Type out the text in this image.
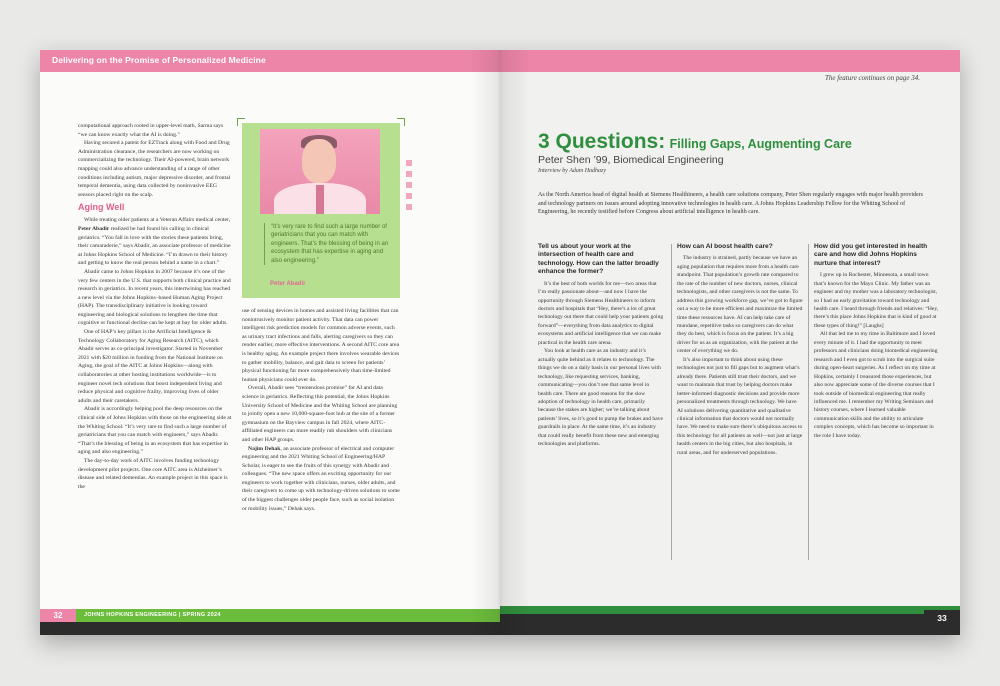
Delivering on the Promise of Personalized Medicine

computational approach rooted in upper-level math, Sarma says “we can know exactly what the AI is doing.”

Having secured a patent for EZTrack along with Food and Drug Administration clearance, the researchers are now working on commercializing the technology. Their AI-powered, brain network mapping could also advance understanding of a range of other conditions including autism, major depressive disorder, and frontal temporal dementia, using data collected by noninvasive EEG sensors placed right on the scalp.

Aging Well

While treating older patients at a Veteran Affairs medical center, Peter Abadir realized he had found his calling in clinical geriatrics. “You fall in love with the stories these patients bring, their camaraderie,” says Abadir, an associate professor of medicine at Johns Hopkins School of Medicine. “I’m drawn to their history and getting to know the real person behind a name in a chart.”

Abadir came to Johns Hopkins in 2007 because it’s one of the very few centers in the U.S. that supports both clinical practice and research in geriatrics. In recent years, this intertwining has reached a new level via the Johns Hopkins–based Human Aging Project (HAP). The transdisciplinary initiative is looking toward engineering and biological solutions to lengthen the time that cognitive or functional decline can be kept at bay for older adults.

One of HAP’s key pillars is the Artificial Intelligence & Technology Collaboratory for Aging Research (AITC), which Abadir serves as co-principal investigator. Started in November 2021 with $20 million in funding from the National Institute on Aging, the goal of the AITC at Johns Hopkins—along with collaboratories at other hosting institutions worldwide—is to engineer novel tech solutions that boost independent living and reduce physical and cognitive frailty, improving lives of older adults and their caretakers.

Abadir is accordingly helping pool the deep resources on the clinical side of Johns Hopkins with those on the engineering side at the Whiting School. “It’s very rare to find such a large number of geriatricians that you can match with engineers,” says Abadir. “That’s the blessing of being in an ecosystem that has expertise in aging and also engineering.”

The day-to-day work of AITC involves funding technology development pilot projects. One core AITC area is Alzheimer’s disease and related dementias. An example project in this space is the

“It’s very rare to find such a large number of geriatricians that you can match with engineers. That’s the blessing of being in an ecosystem that has expertise in aging and also engineering.”
Peter Abadir

use of sensing devices in homes and assisted living facilities that can nonintrusively monitor patient activity. That data can power intelligent risk prediction models for common adverse events, such as urinary tract infections and falls, alerting caregivers so they can render earlier, more effective interventions. A second AITC core area is healthy aging. An example project there involves wearable devices to gather mobility, balance, and gait data to screen for patients’ physical functioning far more comprehensively than time-limited human physicians could ever do.

Overall, Abadir sees “tremendous promise” for AI and data science in geriatrics. Reflecting this potential, the Johns Hopkins University School of Medicine and the Whiting School are planning to jointly open a new 10,000-square-foot hub at the site of a former gymnasium on the Bayview campus in fall 2024, where AITC-affiliated engineers can more readily rub shoulders with clinicians and other HAP groups.

Najim Dehak, an associate professor of electrical and computer engineering and the 2021 Whiting School of Engineering/HAP Scholar, is eager to see the fruits of this synergy with Abadir and colleagues. “The new space offers an exciting opportunity for our engineers to work together with clinicians, nurses, older adults, and their caregivers to come up with technology-driven solutions to some of the biggest challenges older people face, such as social isolation or mobility issues,” Dehak says.

32	JOHNS HOPKINS ENGINEERING | SPRING 2024
The feature continues on page 34.
3 Questions: Filling Gaps, Augmenting Care
Peter Shen ’99, Biomedical Engineering
Interview by Adam Hadhazy
As the North America head of digital health at Siemens Healthineers, a health care solutions company, Peter Shen regularly engages with major health providers and technology partners on issues around adopting innovative technologies in health care. A Johns Hopkins Leadership Fellow for the Whiting School of Engineering, he recently testified before Congress about artificial intelligence in health care.
Tell us about your work at the intersection of health care and technology. How can the latter broadly enhance the former?

It’s the best of both worlds for me—two areas that I’m really passionate about—and now I have the opportunity through Siemens Healthineers to inform doctors and hospitals that “Hey, there’s a lot of great technology out there that could help your patients going forward”—everything from data analytics to digital ecosystems and artificial intelligence that we can make practical in the health care arena.

You look at health care as an industry and it’s actually quite behind as it relates to technology. The things we do on a daily basis in our personal lives with technology, like requesting services, banking, communicating—you don’t see that same level in health care. There are good reasons for the slow adoption of technology in health care, primarily because the stakes are higher; we’re talking about patients’ lives, so it’s good to pump the brakes and have guardrails in place. At the same time, it’s an industry that could really benefit from these new and emerging technologies and platforms.

How can AI boost health care?

The industry is strained, partly because we have an aging population that requires more from a health care standpoint. That population’s growth rate compared to the rate of the number of new doctors, nurses, clinical technologists, and other caregivers is not the same. To address this growing workforce gap, we’ve got to figure out a way to be more efficient and maximize the limited time these resources have. AI can help take care of mundane, repetitive tasks so caregivers can do what they do best, which is focus on the patient. It’s a big driver for us as an organization, with the patient at the center of everything we do.

It’s also important to think about using these technologies not just to fill gaps but to augment what’s already there. Patients still trust their doctors, and we want to maintain that trust by helping doctors make better-informed diagnostic decisions and provide more personalized treatments through technology. We have AI solutions delivering quantitative and qualitative clinical information that doctors would not normally have. We need to make sure there’s ubiquitous access to this technology for all patients as well—not just at large health centers in the big cities, but also hospitals, in rural areas, and for underserved populations.

How did you get interested in health care and how did Johns Hopkins nurture that interest?

I grew up in Rochester, Minnesota, a small town that’s known for the Mayo Clinic. My father was an engineer and my mother was a laboratory technologist, so I had an early gravitation toward technology and health care. I heard through friends and relatives: “Hey, there’s this place Johns Hopkins that is kind of good at these types of thing!” [Laughs]

All that led me to my time in Baltimore and I loved every minute of it. I had the opportunity to meet professors and clinicians doing biomedical engineering research and I even got to scrub into the surgical suite during open-heart surgeries. As I reflect on my time at Hopkins, certainly I treasured those experiences, but also now appreciate some of the diverse courses that I took outside of biomedical engineering that really influenced me. I remember my Writing Seminars and history courses, where I learned valuable communication skills and the ability to articulate complex concepts, which has become so important in the role I have today.

33
